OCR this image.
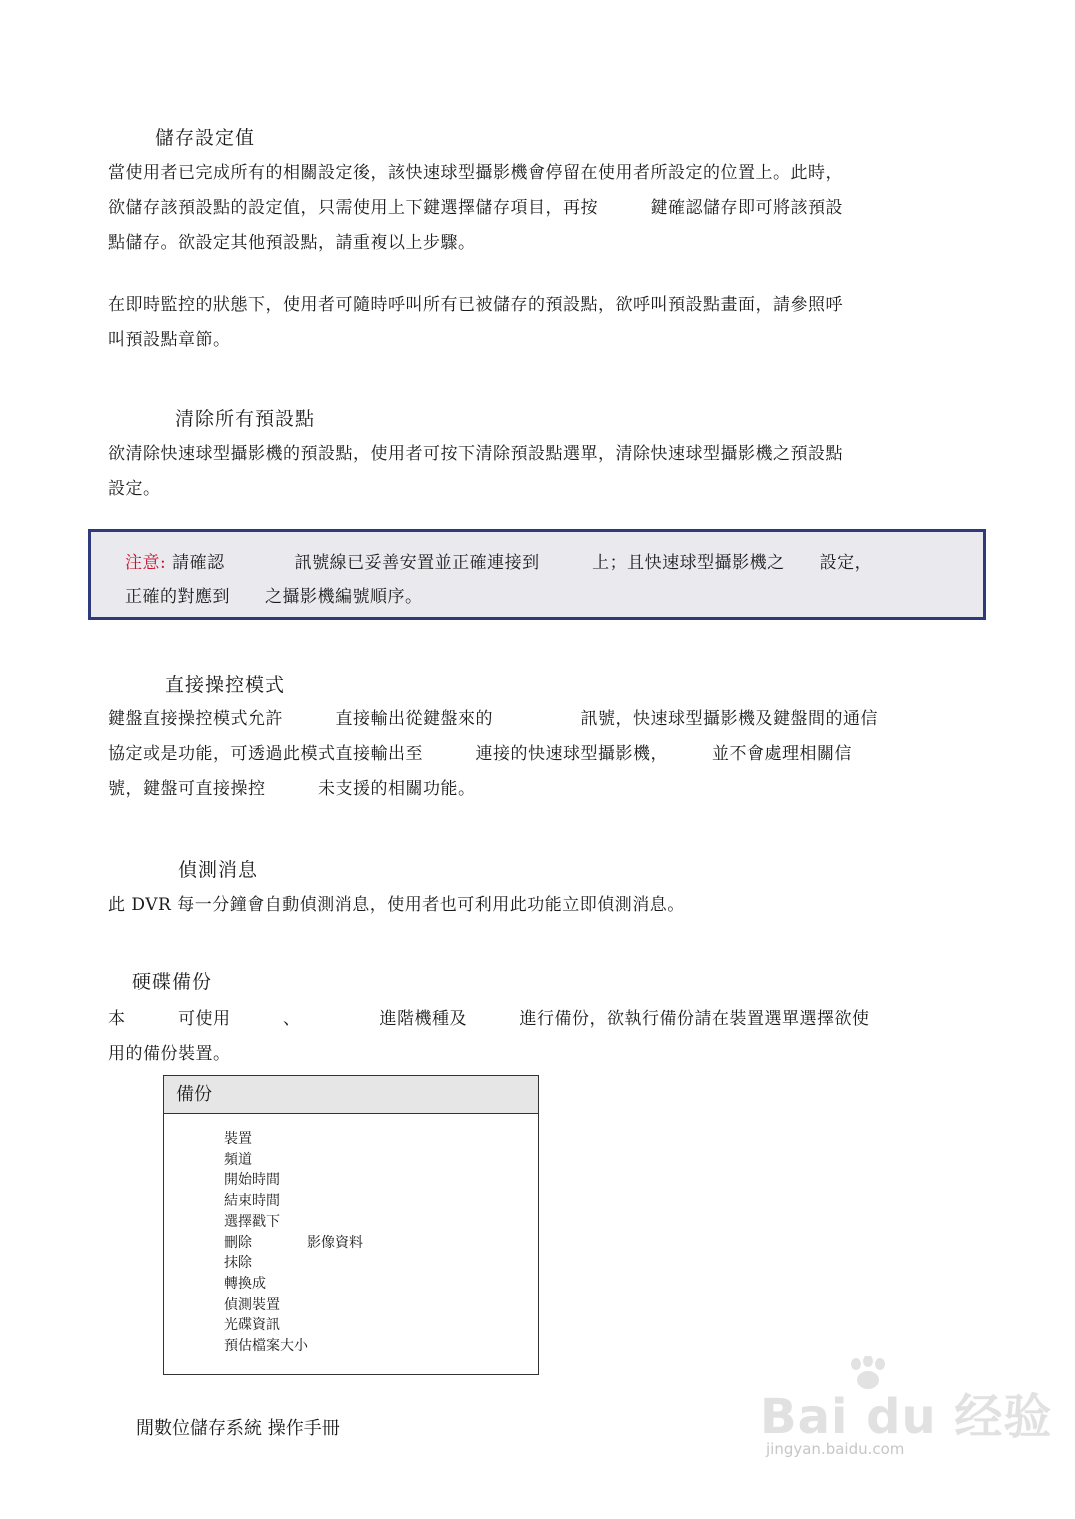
儲存設定值

當使用者已完成所有的相關設定後，該快速球型攝影機會停留在使用者所設定的位置上。此時，
欲儲存該預設點的設定值，只需使用上下鍵選擇儲存項目，再按　　　鍵確認儲存即可將該預設
點儲存。欲設定其他預設點，請重複以上步驟。

在即時監控的狀態下，使用者可隨時呼叫所有已被儲存的預設點，欲呼叫預設點畫面，請參照呼
叫預設點章節。

清除所有預設點

欲清除快速球型攝影機的預設點，使用者可按下清除預設點選單，清除快速球型攝影機之預設點
設定。

注意: 請確認　　　　訊號線已妥善安置並正確連接到　　　上；且快速球型攝影機之　　設定，
正確的對應到　　之攝影機編號順序。
直接操控模式

鍵盤直接操控模式允許　　　直接輸出從鍵盤來的　　　　　訊號，快速球型攝影機及鍵盤間的通信
協定或是功能，可透過此模式直接輸出至　　　連接的快速球型攝影機，　　　並不會處理相關信
號，鍵盤可直接操控　　　未支援的相關功能。

偵測消息

此 DVR 每一分鐘會自動偵測消息，使用者也可利用此功能立即偵測消息。

硬碟備份

本　　　可使用　　　、　　　　　進階機種及　　　進行備份，欲執行備份請在裝置選單選擇欲使
用的備份裝置。

備份
裝置
頻道
開始時間
結束時間
選擇戳下
刪除	影像資料
抹除
轉換成
偵測裝置
光碟資訊
預估檔案大小
閒數位儲存系統 操作手冊	Bai du 经验
jingyan.baidu.com
